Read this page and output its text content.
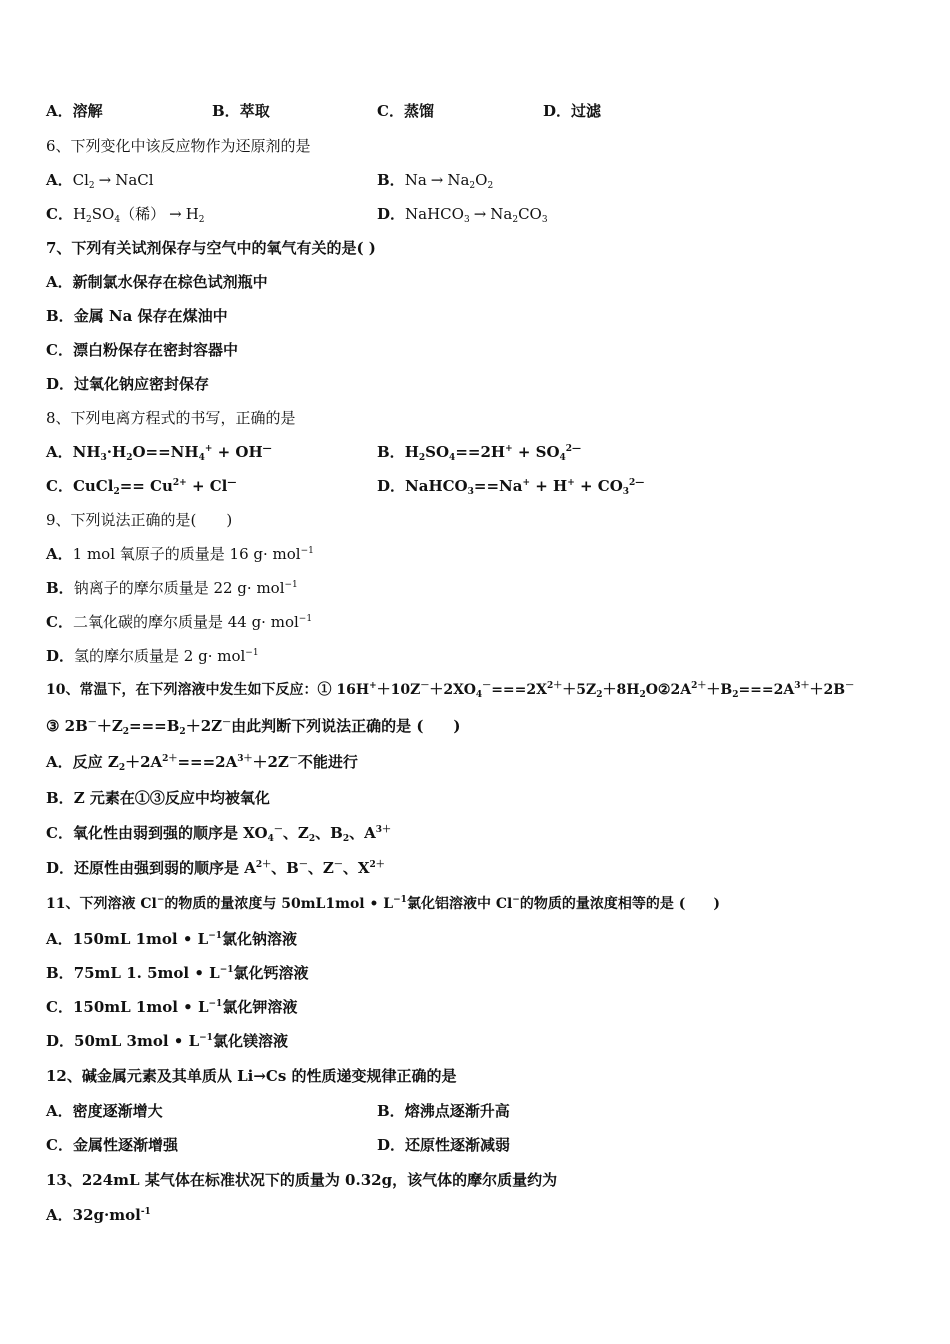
A．溶解	B．萃取	C．蒸馏	D．过滤
6、下列变化中该反应物作为还原剂的是
A．$Cl_2$ → NaCl	B．$Na \to Na_2O_2$
C．$H_2SO_4$（稀） → $H_2$	D．NaHCO$_3$ → $Na_2CO_3$
7、下列有关试剂保存与空气中的氧气有关的是( )
A．新制氯水保存在棕色试剂瓶中
B．金属 Na 保存在煤油中
C．漂白粉保存在密封容器中
D．过氧化钠应密封保存
8、下列电离方程式的书写，正确的是
A．$NH_3\cdot H_2O==NH_4^+ + OH^—$	B．$H_2SO_4==2H^+ + SO_4^{2—}$
C．CuCl$_2$== $Cu^{2+} + Cl^—$	D．NaHCO$_3$==Na+ + $H^+ + CO_3^{2—}$
9、下列说法正确的是(　　)
A．1 mol 氧原子的质量是 16 g· mol$^{-1}$
B．钠离子的摩尔质量是 22 g· mol$^{-1}$
C．二氧化碳的摩尔质量是 44 g· mol$^{-1}$
D．氢的摩尔质量是 2 g· mol$^{-1}$
10、常温下，在下列溶液中发生如下反应：① $16H^++10Z^-+2XO_4^-===2X^{2+}+5Z_2+8H_2O②2A^{2+}+B_2===2A^{3+}+2B^-$
③ $2B^-+Z_2===B_2+2Z^-$由此判断下列说法正确的是 (　　)
A．反应 $Z_2+2A^{2+}===2A^{3+}+2Z^-$不能进行
B．Z 元素在①③反应中均被氧化
C．氧化性由弱到强的顺序是 $XO_4^-$、$Z_2$、$B_2$、$A^{3+}$
D．还原性由强到弱的顺序是 $A^{2+}$、B－、Z－、$X^{2+}$
11、下列溶液 Cl−的物质的量浓度与 50mL1mol • $L^{-1}$氯化铝溶液中 Cl−的物质的量浓度相等的是 (　　)
A．150mL 1mol • $L^{-1}$氯化钠溶液
B．75mL 1. 5mol • $L^{-1}$氯化钙溶液
C．150mL 1mol • $L^{-1}$氯化钾溶液
D．50mL 3mol • $L^{-1}$氯化镁溶液
12、碱金属元素及其单质从 Li→Cs 的性质递变规律正确的是
A．密度逐渐增大	B．熔沸点逐渐升高
C．金属性逐渐增强	D．还原性逐渐减弱
13、224mL 某气体在标准状况下的质量为 0.32g，该气体的摩尔质量约为
A．32g·mol$^{-1}$
